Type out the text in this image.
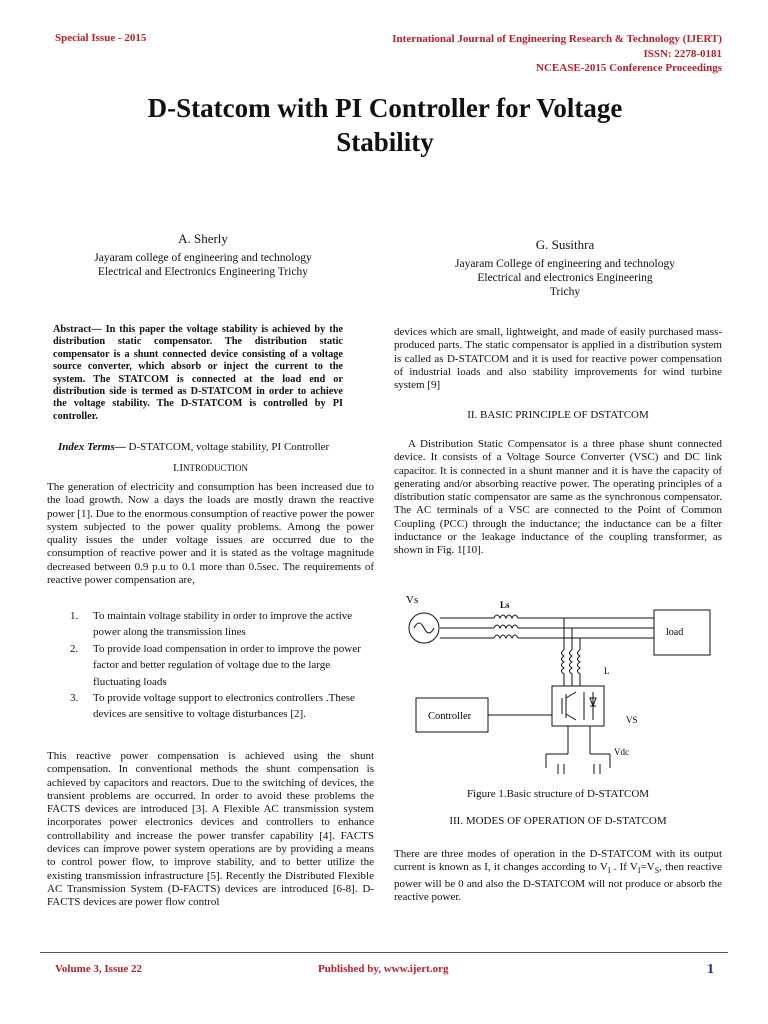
Special Issue - 2015	International Journal of Engineering Research & Technology (IJERT)
ISSN: 2278-0181
NCEASE-2015 Conference Proceedings
D-Statcom with PI Controller for Voltage
Stability
A. Sherly
Jayaram college of engineering and technology
Electrical and Electronics Engineering Trichy
G. Susithra
Jayaram College of engineering and technology
Electrical and electronics Engineering
Trichy
Abstract— In this paper the voltage stability is achieved by the distribution static compensator. The distribution static compensator is a shunt connected device consisting of a voltage source converter, which absorb or inject the current to the system. The STATCOM is connected at the load end or distribution side is termed as D-STATCOM in order to achieve the voltage stability. The D-STATCOM is controlled by PI controller.
Index Terms— D-STATCOM, voltage stability, PI Controller
I.INTRODUCTION

The generation of electricity and consumption has been increased due to the load growth. Now a days the loads are mostly drawn the reactive power [1]. Due to the enormous consumption of reactive power the power system subjected to the power quality problems. Among the power quality issues the under voltage issues are occurred due to the consumption of reactive power and it is stated as the voltage magnitude decreased between 0.9 p.u to 0.1 more than 0.5sec. The requirements of reactive power compensation are,

1. To maintain voltage stability in order to improve the active power along the transmission lines
2. To provide load compensation in order to improve the power factor and better regulation of voltage due to the large fluctuating loads
3. To provide voltage support to electronics controllers .These devices are sensitive to voltage disturbances [2].

This reactive power compensation is achieved using the shunt compensation. In conventional methods the shunt compensation is achieved by capacitors and reactors. Due to the switching of devices, the transient problems are occurred. In order to avoid these problems the FACTS devices are introduced [3]. A Flexible AC transmission system incorporates power electronics devices and controllers to enhance controllability and increase the power transfer capability [4]. FACTS devices can improve power system operations are by providing a means to control power flow, to improve stability, and to better utilize the existing transmission infrastructure [5]. Recently the Distributed Flexible AC Transmission System (D-FACTS) devices are introduced [6-8]. D-FACTS devices are power flow control

devices which are small, lightweight, and made of easily purchased mass-produced parts. The static compensator is applied in a distribution system is called as D-STATCOM and it is used for reactive power compensation of industrial loads and also stability improvements for wind turbine system [9]

II. BASIC PRINCIPLE OF DSTATCOM

A Distribution Static Compensator is a three phase shunt connected device. It consists of a Voltage Source Converter (VSC) and DC link capacitor. It is connected in a shunt manner and it is have the capacity of generating and/or absorbing reactive power. The operating principles of a distribution static compensator are same as the synchronous compensator. The AC terminals of a VSC are connected to the Point of Common Coupling (PCC) through the inductance; the inductance can be a filter inductance or the leakage inductance of the coupling transformer, as shown in Fig. 1[10].

Vs	Ls
load
L
Controller	VS
Vdc
Figure 1.Basic structure of D-STATCOM
III. MODES OF OPERATION OF D-STATCOM

There are three modes of operation in the D-STATCOM with its output current is known as I, it changes according to $V_I$ . If $V_I=V_S$, then reactive power will be 0 and also the D-STATCOM will not produce or absorb the reactive power.

Volume 3, Issue 22	Published by, www.ijert.org	1
